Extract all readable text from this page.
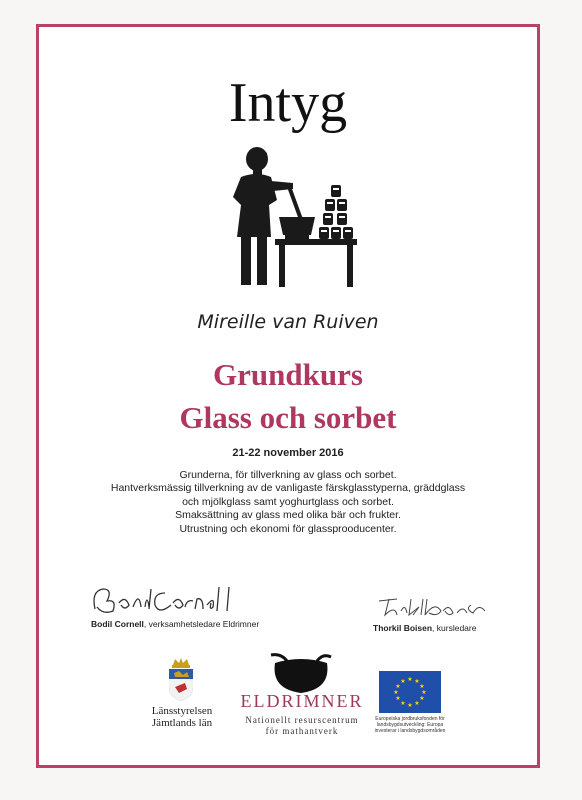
Intyg
Mireille van Ruiven
Grundkurs
Glass och sorbet
21-22 november 2016
Grunderna, för tillverkning av glass och sorbet.
Hantverksmässig tillverkning av de vanligaste färskglasstyperna, gräddglass
och mjölkglass samt yoghurtglass och sorbet.
Smaksättning av glass med olika bär och frukter.
Utrustning och ekonomi för glassprooducenter.
Bodil Cornell, verksamhetsledare Eldrimner	Thorkil Boisen, kursledare
Länsstyrelsen
Jämtlands län
ELDRIMNER
Nationellt resurscentrum
för mathantverk
★ ★
★
★
★
★
★
★
★
★
★
★
Europeiska jordbruksfonden för
landsbygdsutveckling: Europa
investerar i landsbygdsområden
